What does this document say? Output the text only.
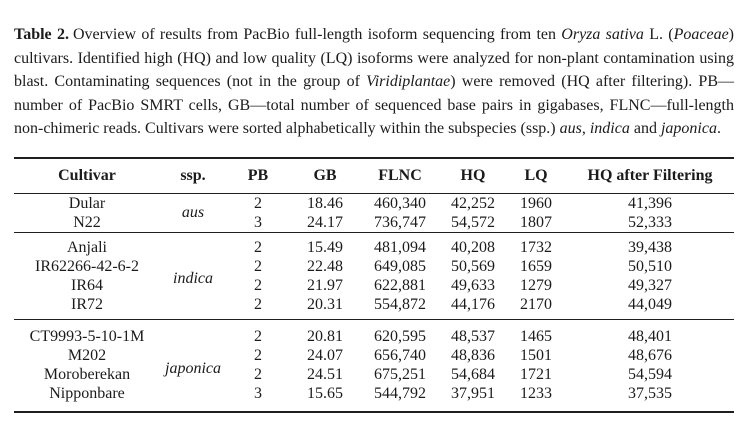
Table 2. Overview of results from PacBio full-length isoform sequencing from ten Oryza sativa L. (Poaceae) cultivars. Identified high (HQ) and low quality (LQ) isoforms were analyzed for non-plant contamination using blast. Contaminating sequences (not in the group of Viridiplantae) were removed (HQ after filtering). PB—number of PacBio SMRT cells, GB—total number of sequenced base pairs in gigabases, FLNC—full-length non-chimeric reads. Cultivars were sorted alphabetically within the subspecies (ssp.) aus, indica and japonica.

Cultivar	ssp.	PB	GB	FLNC	HQ	LQ	HQ after Filtering
Dular	aus	2	18.46	460,340	42,252	1960	41,396
N22		3	24.17	736,747	54,572	1807	52,333
Anjali	indica	2	15.49	481,094	40,208	1732	39,438
IR62266-42-6-2		2	22.48	649,085	50,569	1659	50,510
IR64		2	21.97	622,881	49,633	1279	49,327
IR72		2	20.31	554,872	44,176	2170	44,049
CT9993-5-10-1M	japonica	2	20.81	620,595	48,537	1465	48,401
M202		2	24.07	656,740	48,836	1501	48,676
Moroberekan		2	24.51	675,251	54,684	1721	54,594
Nipponbare		3	15.65	544,792	37,951	1233	37,535
